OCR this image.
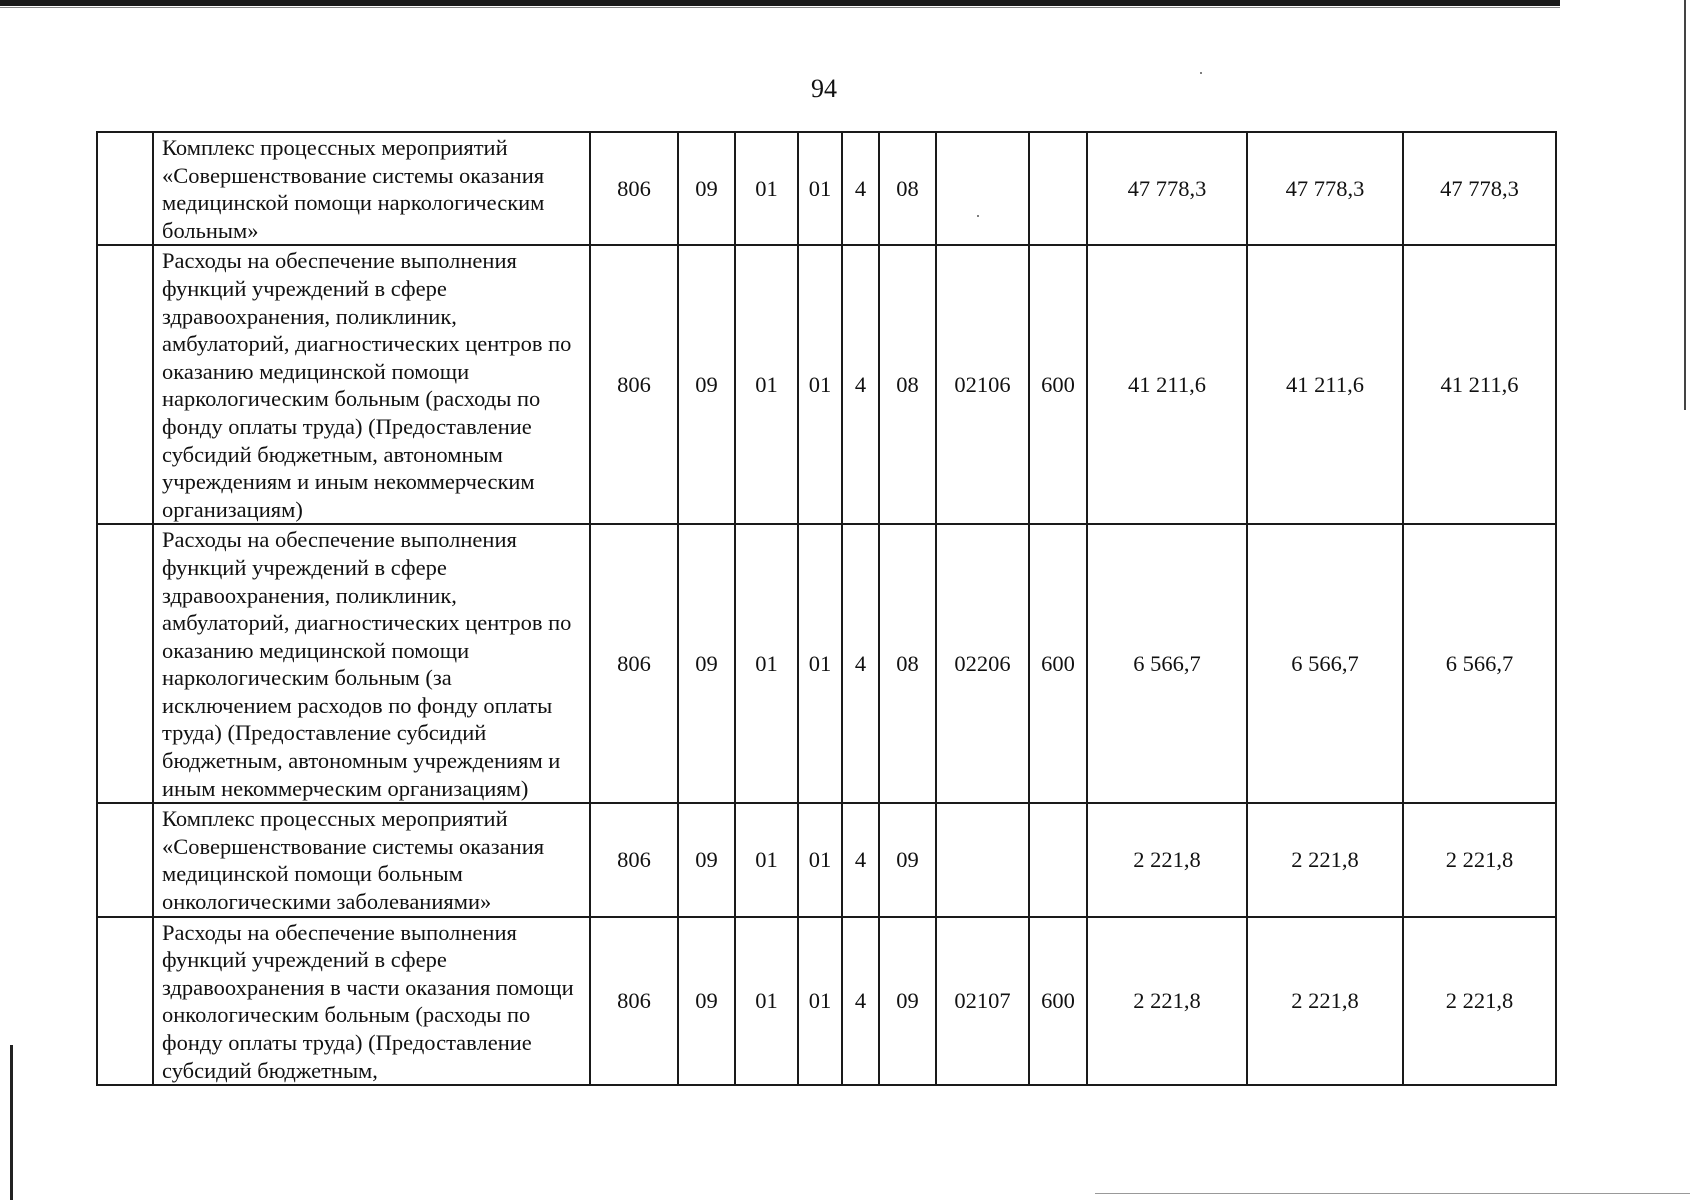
94
	Комплекс процессных мероприятий «Совершенствование системы оказания медицинской помощи наркологическим больным»	806	09	01	01	4	08			47 778,3	47 778,3	47 778,3
	Расходы на обеспечение выполнения функций учреждений в сфере здравоохранения, поликлиник, амбулаторий, диагностических центров по оказанию медицинской помощи наркологическим больным (расходы по фонду оплаты труда) (Предоставление субсидий бюджетным, автономным учреждениям и иным некоммерческим организациям)	806	09	01	01	4	08	02106	600	41 211,6	41 211,6	41 211,6
	Расходы на обеспечение выполнения функций учреждений в сфере здравоохранения, поликлиник, амбулаторий, диагностических центров по оказанию медицинской помощи наркологическим больным (за исключением расходов по фонду оплаты труда) (Предоставление субсидий бюджетным, автономным учреждениям и иным некоммерческим организациям)	806	09	01	01	4	08	02206	600	6 566,7	6 566,7	6 566,7
	Комплекс процессных мероприятий «Совершенствование системы оказания медицинской помощи больным онкологическими заболеваниями»	806	09	01	01	4	09			2 221,8	2 221,8	2 221,8
	Расходы на обеспечение выполнения функций учреждений в сфере здравоохранения в части оказания помощи онкологическим больным (расходы по фонду оплаты труда) (Предоставление субсидий бюджетным,	806	09	01	01	4	09	02107	600	2 221,8	2 221,8	2 221,8
